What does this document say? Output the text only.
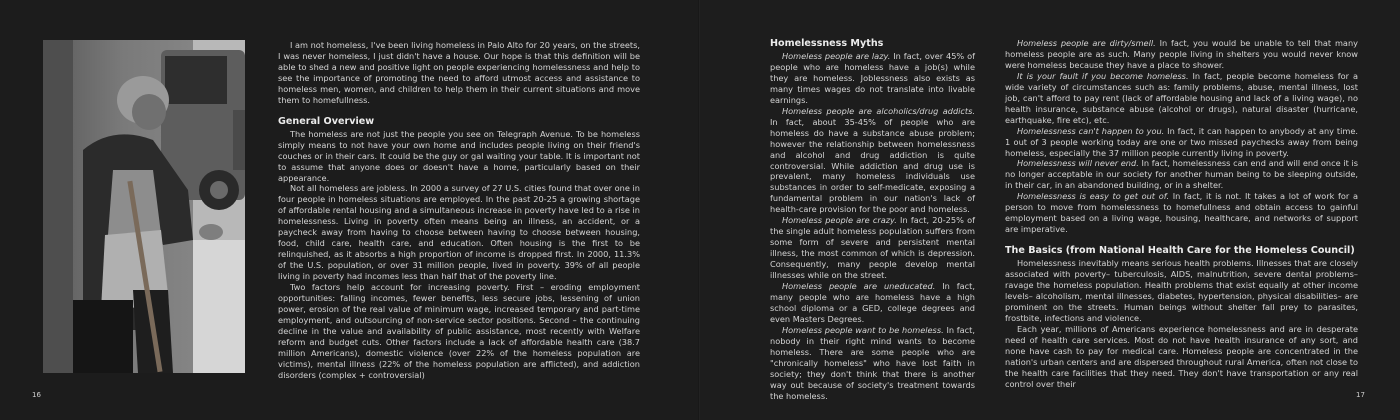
I am not homeless, I've been living homeless in Palo Alto for 20 years, on the streets, I was never homeless, I just didn't have a house. Our hope is that this definition will be able to shed a new and positive light on people experiencing homelessness and help to see the importance of promoting the need to afford utmost access and assistance to homeless men, women, and children to help them in their current situations and move them to homefullness.

General Overview

The homeless are not just the people you see on Telegraph Avenue. To be homeless simply means to not have your own home and includes people living on their friend's couches or in their cars. It could be the guy or gal waiting your table. It is important not to assume that anyone does or doesn't have a home, particularly based on their appearance.

Not all homeless are jobless. In 2000 a survey of 27 U.S. cities found that over one in four people in homeless situations are employed. In the past 20-25 a growing shortage of affordable rental housing and a simultaneous increase in poverty have led to a rise in homelessness. Living in poverty often means being an illness, an accident, or a paycheck away from having to choose between having to choose between housing, food, child care, health care, and education. Often housing is the first to be relinquished, as it absorbs a high proportion of income is dropped first. In 2000, 11.3% of the U.S. population, or over 31 million people, lived in poverty. 39% of all people living in poverty had incomes less than half that of the poverty line.

Two factors help account for increasing poverty. First – eroding employment opportunities: falling incomes, fewer benefits, less secure jobs, lessening of union power, erosion of the real value of minimum wage, increased temporary and part-time employment, and outsourcing of non-service sector positions. Second – the continuing decline in the value and availability of public assistance, most recently with Welfare reform and budget cuts. Other factors include a lack of affordable health care (38.7 million Americans), domestic violence (over 22% of the homeless population are victims), mental illness (22% of the homeless population are afflicted), and addiction disorders (complex + controversial)

16
Homelessness Myths

Homeless people are lazy. In fact, over 45% of people who are homeless have a job(s) while they are homeless. Joblessness also exists as many times wages do not translate into livable earnings.

Homeless people are alcoholics/drug addicts. In fact, about 35-45% of people who are homeless do have a substance abuse problem; however the relationship between homelessness and alcohol and drug addiction is quite controversial. While addiction and drug use is prevalent, many homeless individuals use substances in order to self-medicate, exposing a fundamental problem in our nation's lack of health-care provision for the poor and homeless.

Homeless people are crazy. In fact, 20-25% of the single adult homeless population suffers from some form of severe and persistent mental illness, the most common of which is depression. Consequently, many people develop mental illnesses while on the street.

Homeless people are uneducated. In fact, many people who are homeless have a high school diploma or a GED, college degrees and even Masters Degrees.

Homeless people want to be homeless. In fact, nobody in their right mind wants to become homeless. There are some people who are "chronically homeless" who have lost faith in society; they don't think that there is another way out because of society's treatment towards the homeless.

Homeless people are dirty/smell. In fact, you would be unable to tell that many homeless people are as such. Many people living in shelters you would never know were homeless because they have a place to shower.

It is your fault if you become homeless. In fact, people become homeless for a wide variety of circumstances such as: family problems, abuse, mental illness, lost job, can't afford to pay rent (lack of affordable housing and lack of a living wage), no health insurance, substance abuse (alcohol or drugs), natural disaster (hurricane, earthquake, fire etc), etc.

Homelessness can't happen to you. In fact, it can happen to anybody at any time. 1 out of 3 people working today are one or two missed paychecks away from being homeless, especially the 37 million people currently living in poverty.

Homelessness will never end. In fact, homelessness can end and will end once it is no longer acceptable in our society for another human being to be sleeping outside, in their car, in an abandoned building, or in a shelter.

Homelessness is easy to get out of. In fact, it is not. It takes a lot of work for a person to move from homelessness to homefullness and obtain access to gainful employment based on a living wage, housing, healthcare, and networks of support are imperative.

The Basics (from National Health Care for the Homeless Council)

Homelessness inevitably means serious health problems. Illnesses that are closely associated with poverty– tuberculosis, AIDS, malnutrition, severe dental problems– ravage the homeless population. Health problems that exist equally at other income levels– alcoholism, mental illnesses, diabetes, hypertension, physical disabilities– are prominent on the streets. Human beings without shelter fall prey to parasites, frostbite, infections and violence.

Each year, millions of Americans experience homelessness and are in desperate need of health care services. Most do not have health insurance of any sort, and none have cash to pay for medical care. Homeless people are concentrated in the nation's urban centers and are dispersed throughout rural America, often not close to the health care facilities that they need. They don't have transportation or any real control over their

17
